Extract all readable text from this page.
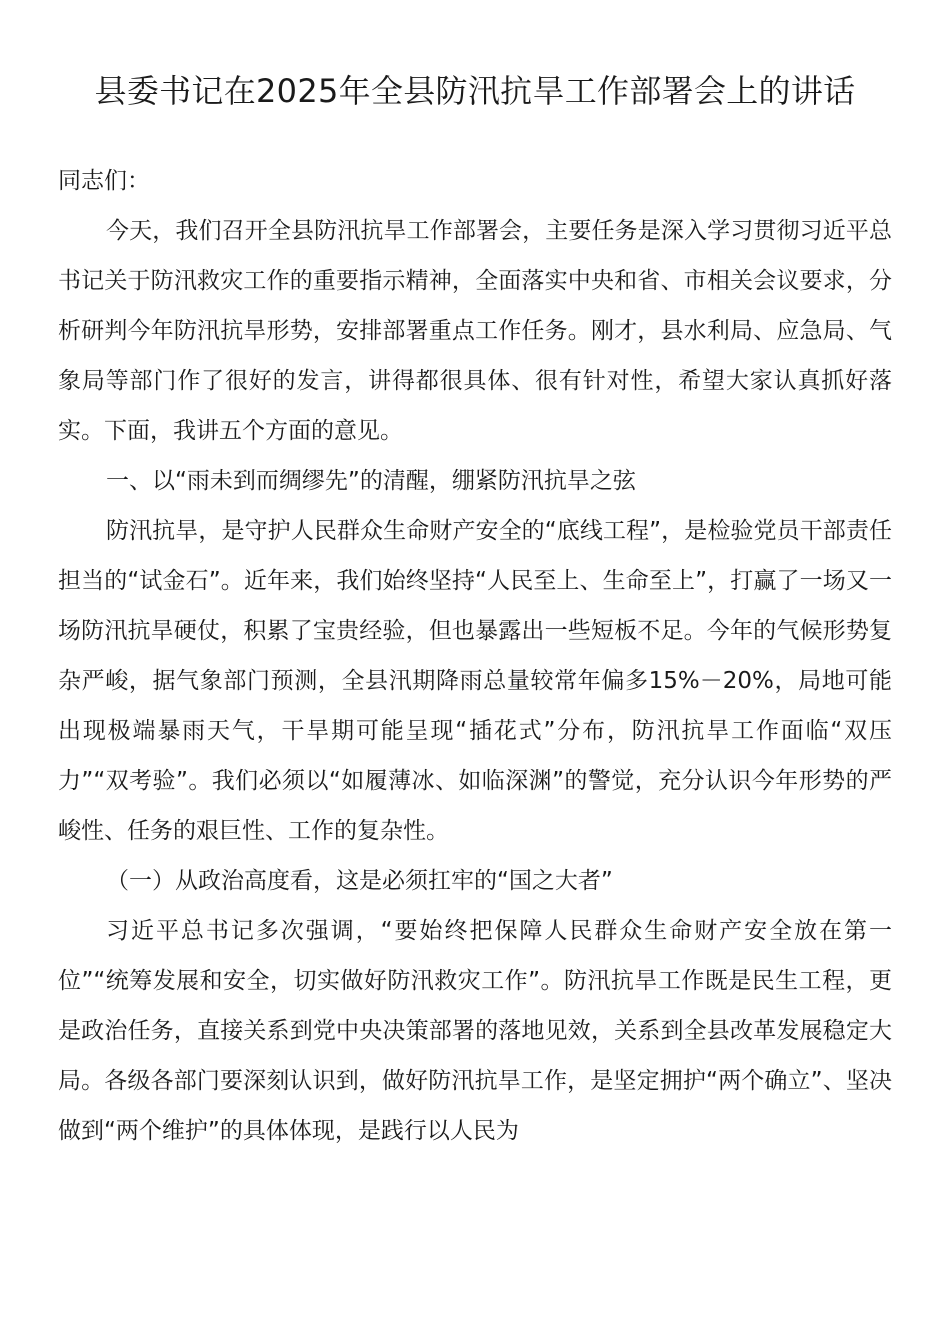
县委书记在2025年全县防汛抗旱工作部署会上的讲话

同志们：

今天，我们召开全县防汛抗旱工作部署会，主要任务是深入学习贯彻习近平总书记关于防汛救灾工作的重要指示精神，全面落实中央和省、市相关会议要求，分析研判今年防汛抗旱形势，安排部署重点工作任务。刚才，县水利局、应急局、气象局等部门作了很好的发言，讲得都很具体、很有针对性，希望大家认真抓好落实。下面，我讲五个方面的意见。

一、以“雨未到而绸缪先”的清醒，绷紧防汛抗旱之弦

防汛抗旱，是守护人民群众生命财产安全的“底线工程”，是检验党员干部责任担当的“试金石”。近年来，我们始终坚持“人民至上、生命至上”，打赢了一场又一场防汛抗旱硬仗，积累了宝贵经验，但也暴露出一些短板不足。今年的气候形势复杂严峻，据气象部门预测，全县汛期降雨总量较常年偏多15%－20%，局地可能出现极端暴雨天气，干旱期可能呈现“插花式”分布，防汛抗旱工作面临“双压力”“双考验”。我们必须以“如履薄冰、如临深渊”的警觉，充分认识今年形势的严峻性、任务的艰巨性、工作的复杂性。

（一）从政治高度看，这是必须扛牢的“国之大者”

习近平总书记多次强调，“要始终把保障人民群众生命财产安全放在第一位”“统筹发展和安全，切实做好防汛救灾工作”。防汛抗旱工作既是民生工程，更是政治任务，直接关系到党中央决策部署的落地见效，关系到全县改革发展稳定大局。各级各部门要深刻认识到，做好防汛抗旱工作，是坚定拥护“两个确立”、坚决做到“两个维护”的具体体现，是践行以人民为
